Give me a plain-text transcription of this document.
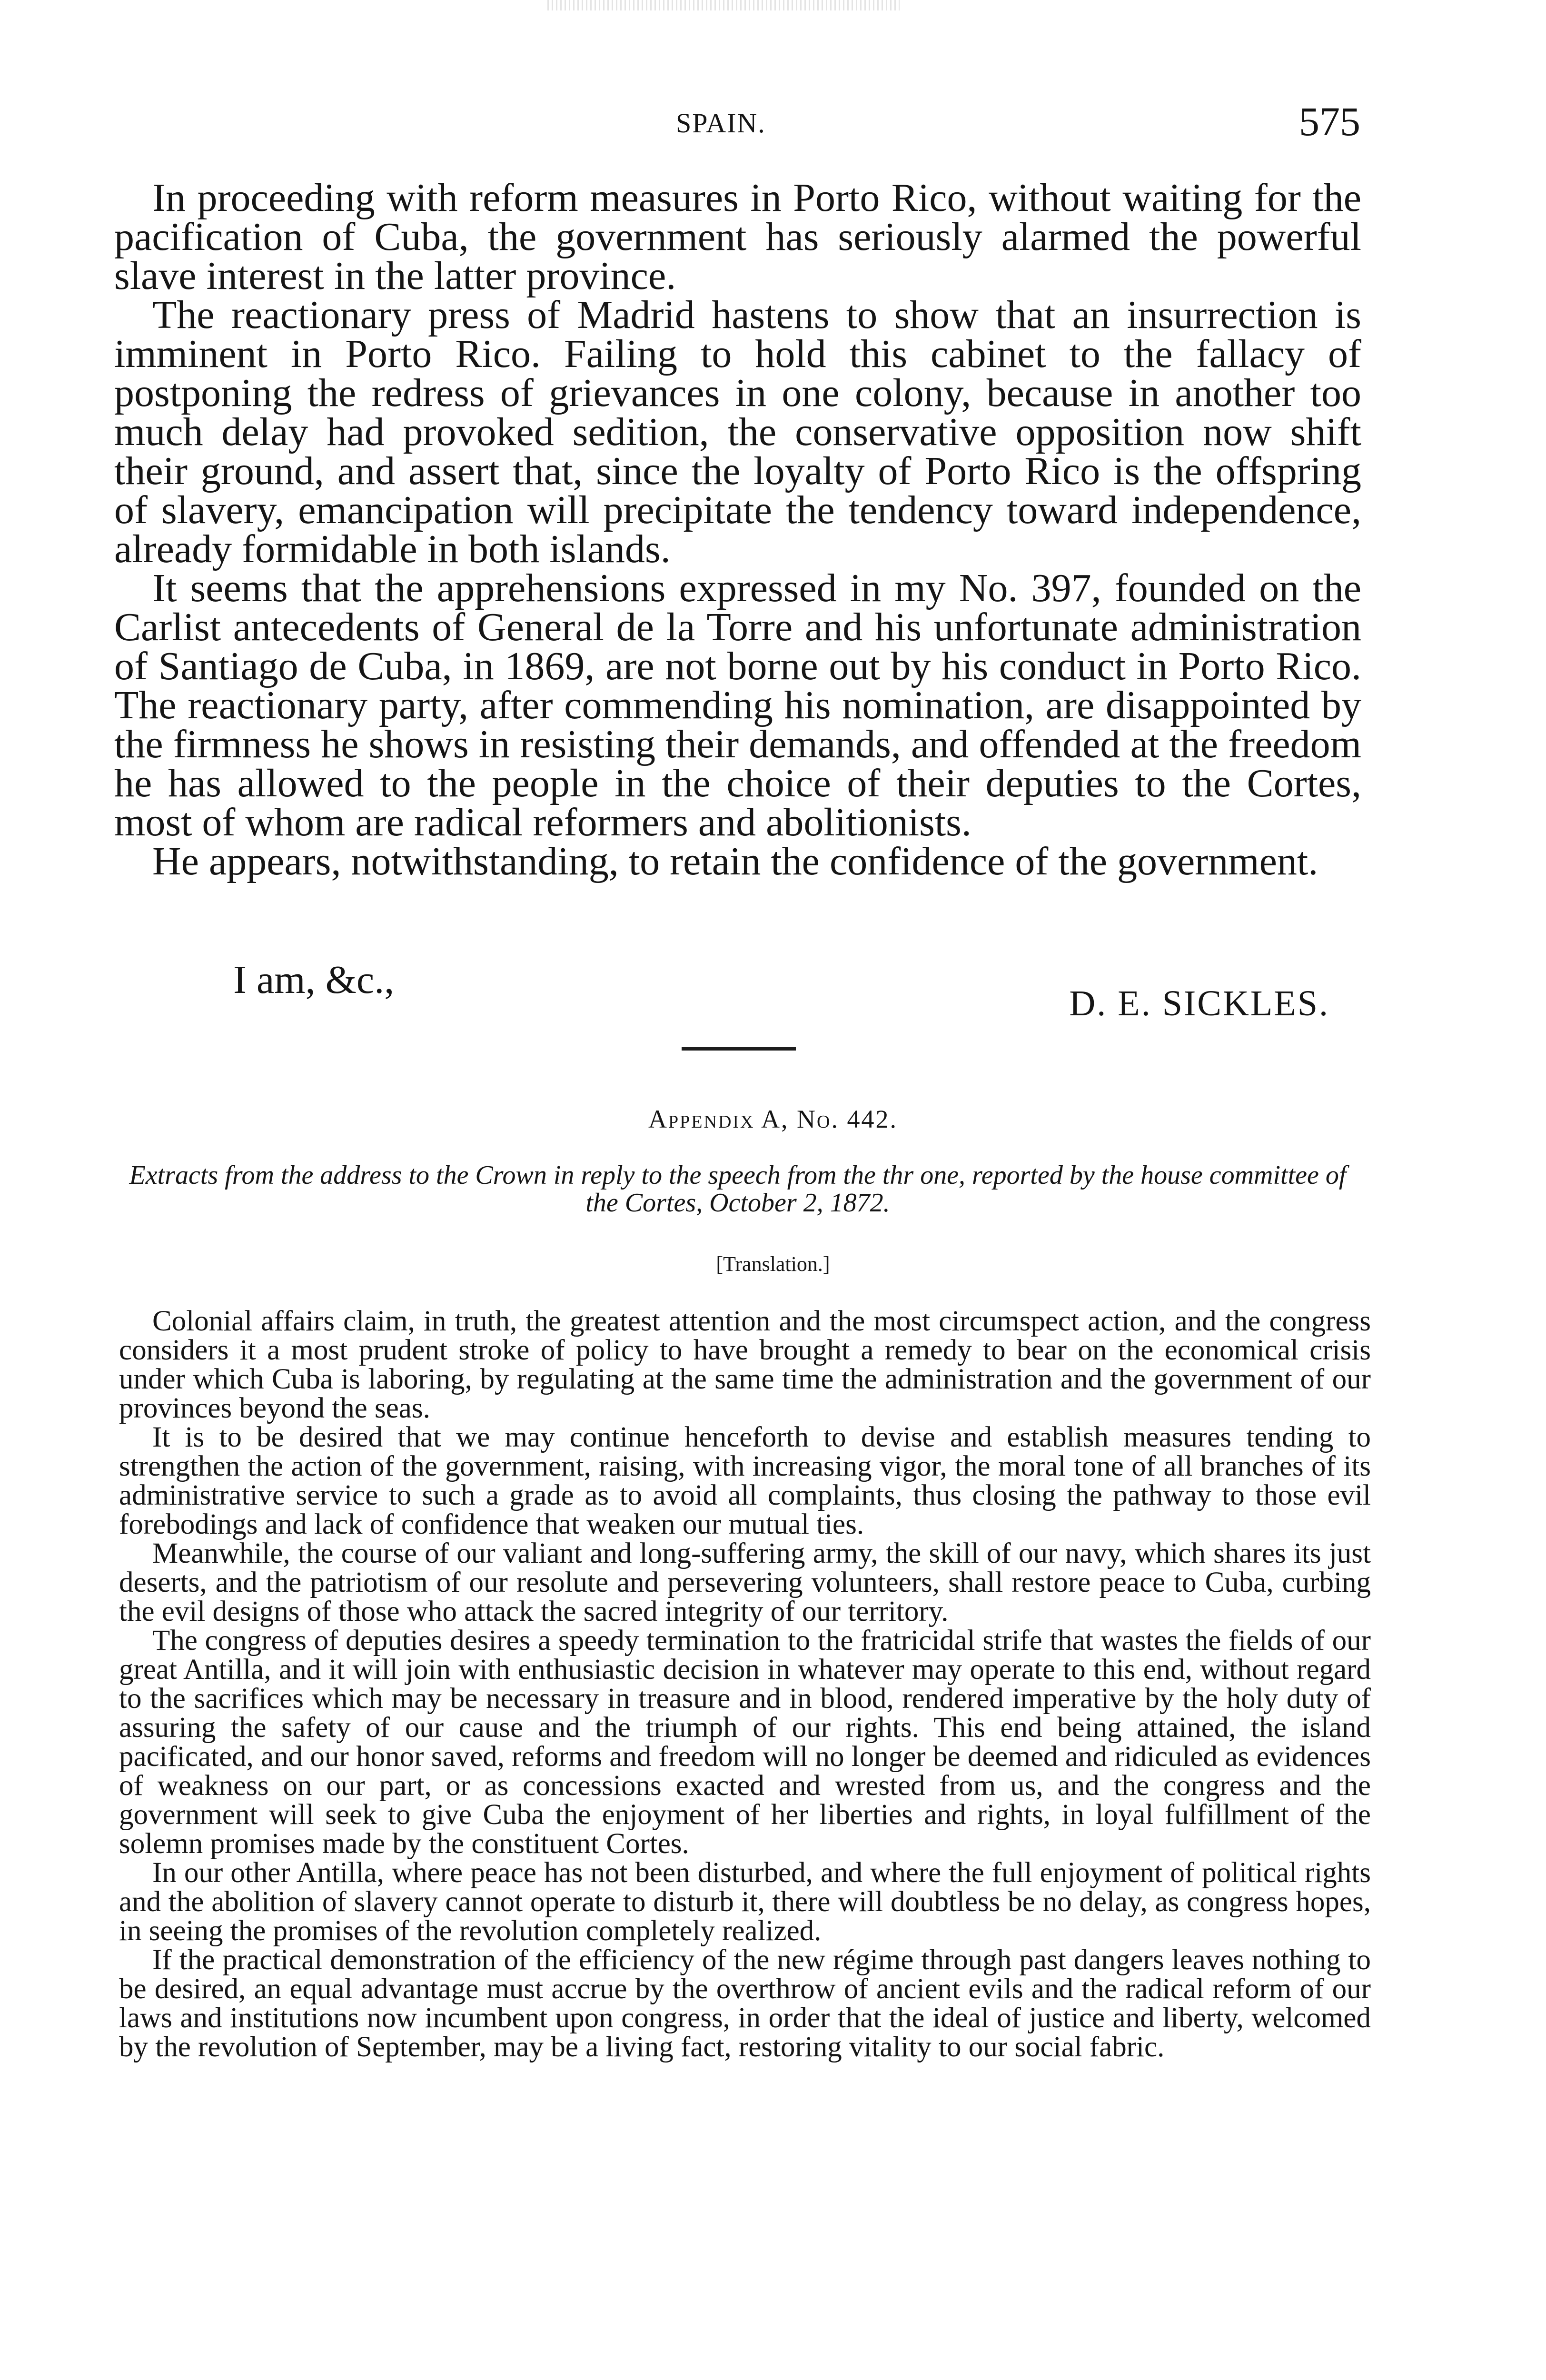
SPAIN.	575

In proceeding with reform measures in Porto Rico, without waiting for the pacification of Cuba, the government has seriously alarmed the powerful slave interest in the latter province.

The reactionary press of Madrid hastens to show that an insurrection is imminent in Porto Rico. Failing to hold this cabinet to the fallacy of postponing the redress of grievances in one colony, because in another too much delay had provoked sedition, the conservative opposition now shift their ground, and assert that, since the loyalty of Porto Rico is the offspring of slavery, emancipation will precipitate the tendency toward independence, already formidable in both islands.

It seems that the apprehensions expressed in my No. 397, founded on the Carlist antecedents of General de la Torre and his unfortunate administration of Santiago de Cuba, in 1869, are not borne out by his conduct in Porto Rico. The reactionary party, after commending his nomination, are disappointed by the firmness he shows in resisting their demands, and offended at the freedom he has allowed to the people in the choice of their deputies to the Cortes, most of whom are radical reformers and abolitionists.

He appears, notwithstanding, to retain the confidence of the government.

I am, &c.,
D. E. SICKLES.
Appendix A, No. 442.
Extracts from the address to the Crown in reply to the speech from the thr one, reported by the house committee of the Cortes, October 2, 1872.
[Translation.]

Colonial affairs claim, in truth, the greatest attention and the most circumspect action, and the congress considers it a most prudent stroke of policy to have brought a remedy to bear on the economical crisis under which Cuba is laboring, by regulating at the same time the administration and the government of our provinces beyond the seas.

It is to be desired that we may continue henceforth to devise and establish measures tending to strengthen the action of the government, raising, with increasing vigor, the moral tone of all branches of its administrative service to such a grade as to avoid all complaints, thus closing the pathway to those evil forebodings and lack of confidence that weaken our mutual ties.

Meanwhile, the course of our valiant and long-suffering army, the skill of our navy, which shares its just deserts, and the patriotism of our resolute and persevering volunteers, shall restore peace to Cuba, curbing the evil designs of those who attack the sacred integrity of our territory.

The congress of deputies desires a speedy termination to the fratricidal strife that wastes the fields of our great Antilla, and it will join with enthusiastic decision in whatever may operate to this end, without regard to the sacrifices which may be necessary in treasure and in blood, rendered imperative by the holy duty of assuring the safety of our cause and the triumph of our rights. This end being attained, the island pacificated, and our honor saved, reforms and freedom will no longer be deemed and ridiculed as evidences of weakness on our part, or as concessions exacted and wrested from us, and the congress and the government will seek to give Cuba the enjoyment of her liberties and rights, in loyal fulfillment of the solemn promises made by the constituent Cortes.

In our other Antilla, where peace has not been disturbed, and where the full enjoyment of political rights and the abolition of slavery cannot operate to disturb it, there will doubtless be no delay, as congress hopes, in seeing the promises of the revolution completely realized.

If the practical demonstration of the efficiency of the new régime through past dangers leaves nothing to be desired, an equal advantage must accrue by the overthrow of ancient evils and the radical reform of our laws and institutions now incumbent upon congress, in order that the ideal of justice and liberty, welcomed by the revolution of September, may be a living fact, restoring vitality to our social fabric.
